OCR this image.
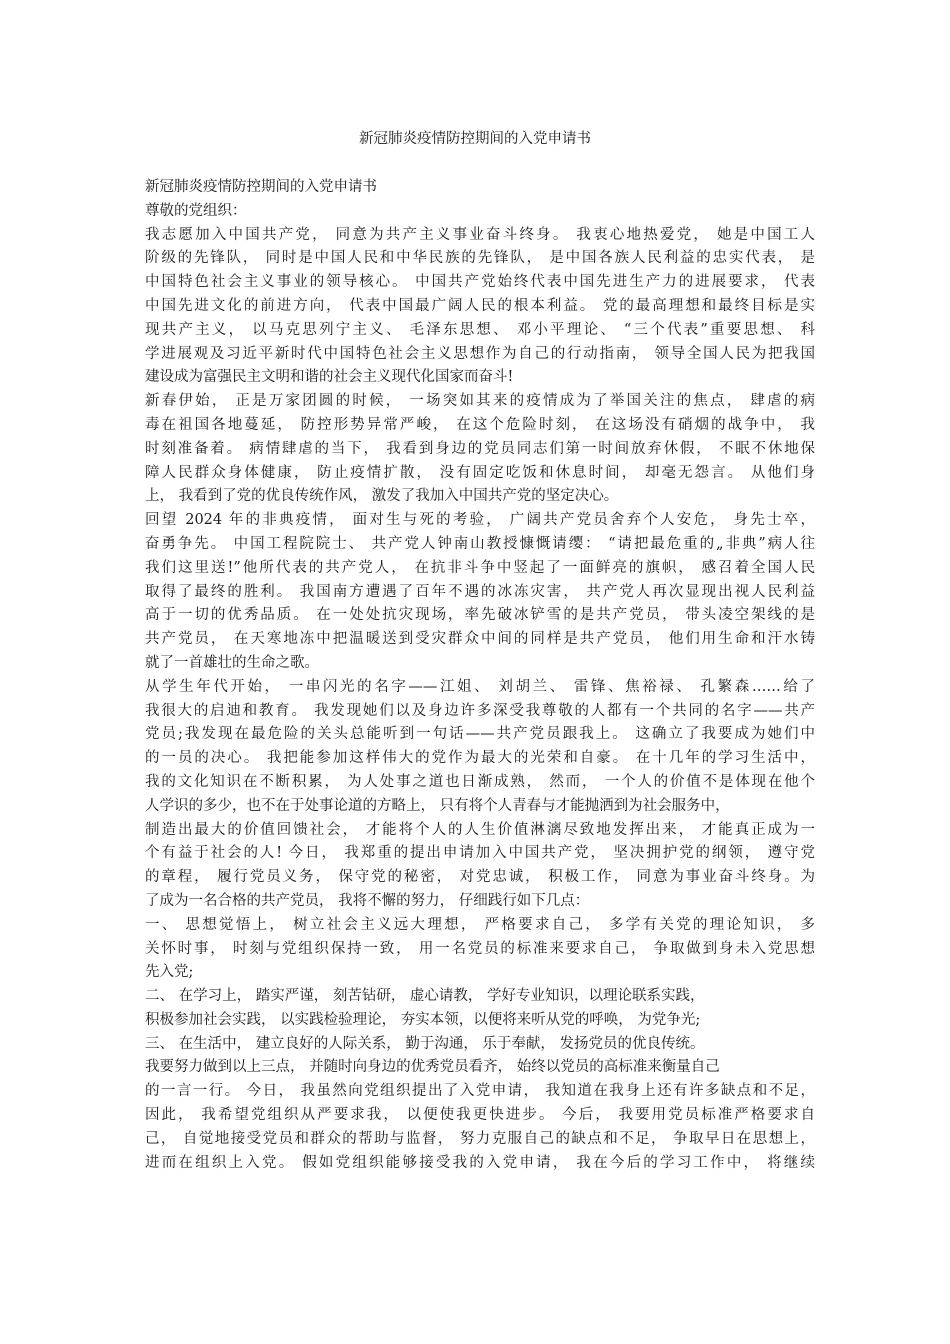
新冠肺炎疫情防控期间的入党申请书
新冠肺炎疫情防控期间的入党申请书
尊敬的党组织：
我志愿加入中国共产党， 同意为共产主义事业奋斗终身。 我衷心地热爱党， 她是中国工人
阶级的先锋队， 同时是中国人民和中华民族的先锋队， 是中国各族人民利益的忠实代表， 是
中国特色社会主义事业的领导核心。 中国共产党始终代表中国先进生产力的进展要求， 代表
中国先进文化的前进方向， 代表中国最广阔人民的根本利益。 党的最高理想和最终目标是实
现共产主义， 以马克思列宁主义、 毛泽东思想、 邓小平理论、 “三个代表”重要思想、 科
学进展观及习近平新时代中国特色社会主义思想作为自己的行动指南， 领导全国人民为把我国
建设成为富强民主文明和谐的社会主义现代化国家而奋斗!
新春伊始， 正是万家团圆的时候， 一场突如其来的疫情成为了举国关注的焦点， 肆虐的病
毒在祖国各地蔓延， 防控形势异常严峻， 在这个危险时刻， 在这场没有硝烟的战争中， 我
时刻准备着。 病情肆虐的当下， 我看到身边的党员同志们第一时间放弃休假， 不眠不休地保
障人民群众身体健康， 防止疫情扩散， 没有固定吃饭和休息时间， 却毫无怨言。 从他们身
上， 我看到了党的优良传统作风， 激发了我加入中国共产党的坚定决心。
回望 2024 年的非典疫情， 面对生与死的考验， 广阔共产党员舍弃个人安危， 身先士卒，
奋勇争先。 中国工程院院士、 共产党人钟南山教授慷慨请缨： “请把最危重的„非典”病人往
我们这里送!”他所代表的共产党人， 在抗非斗争中竖起了一面鲜亮的旗帜， 感召着全国人民
取得了最终的胜利。 我国南方遭遇了百年不遇的冰冻灾害， 共产党人再次显现出视人民利益
高于一切的优秀品质。 在一处处抗灾现场，率先破冰铲雪的是共产党员， 带头凌空架线的是
共产党员， 在天寒地冻中把温暖送到受灾群众中间的同样是共产党员， 他们用生命和汗水铸
就了一首雄壮的生命之歌。
从学生年代开始， 一串闪光的名字——江姐、 刘胡兰、 雷锋、焦裕禄、 孔繁森……给了
我很大的启迪和教育。 我发现她们以及身边许多深受我尊敬的人都有一个共同的名字——共产
党员;我发现在最危险的关头总能听到一句话——共产党员跟我上。 这确立了我要成为她们中
的一员的决心。 我把能参加这样伟大的党作为最大的光荣和自豪。 在十几年的学习生活中，
我的文化知识在不断积累， 为人处事之道也日渐成熟， 然而， 一个人的价值不是体现在他个
人学识的多少，也不在于处事论道的方略上， 只有将个人青春与才能抛洒到为社会服务中，
制造出最大的价值回馈社会， 才能将个人的人生价值淋漓尽致地发挥出来， 才能真正成为一
个有益于社会的人! 今日， 我郑重的提出申请加入中国共产党， 坚决拥护党的纲领， 遵守党
的章程， 履行党员义务， 保守党的秘密， 对党忠诚， 积极工作， 同意为事业奋斗终身。为
了成为一名合格的共产党员， 我将不懈的努力， 仔细践行如下几点：
一、 思想觉悟上， 树立社会主义远大理想， 严格要求自己， 多学有关党的理论知识， 多
关怀时事， 时刻与党组织保持一致， 用一名党员的标准来要求自己， 争取做到身未入党思想
先入党;
二、 在学习上， 踏实严谨， 刻苦钻研， 虚心请教， 学好专业知识，以理论联系实践，
积极参加社会实践， 以实践检验理论， 夯实本领，以便将来听从党的呼唤， 为党争光;
三、 在生活中， 建立良好的人际关系， 勤于沟通， 乐于奉献， 发扬党员的优良传统。
我要努力做到以上三点， 并随时向身边的优秀党员看齐， 始终以党员的高标准来衡量自己
的一言一行。 今日， 我虽然向党组织提出了入党申请， 我知道在我身上还有许多缺点和不足，
因此， 我希望党组织从严要求我， 以便使我更快进步。 今后， 我要用党员标准严格要求自
己， 自觉地接受党员和群众的帮助与监督， 努力克服自己的缺点和不足， 争取早日在思想上，
进而在组织上入党。 假如党组织能够接受我的入党申请， 我在今后的学习工作中， 将继续
